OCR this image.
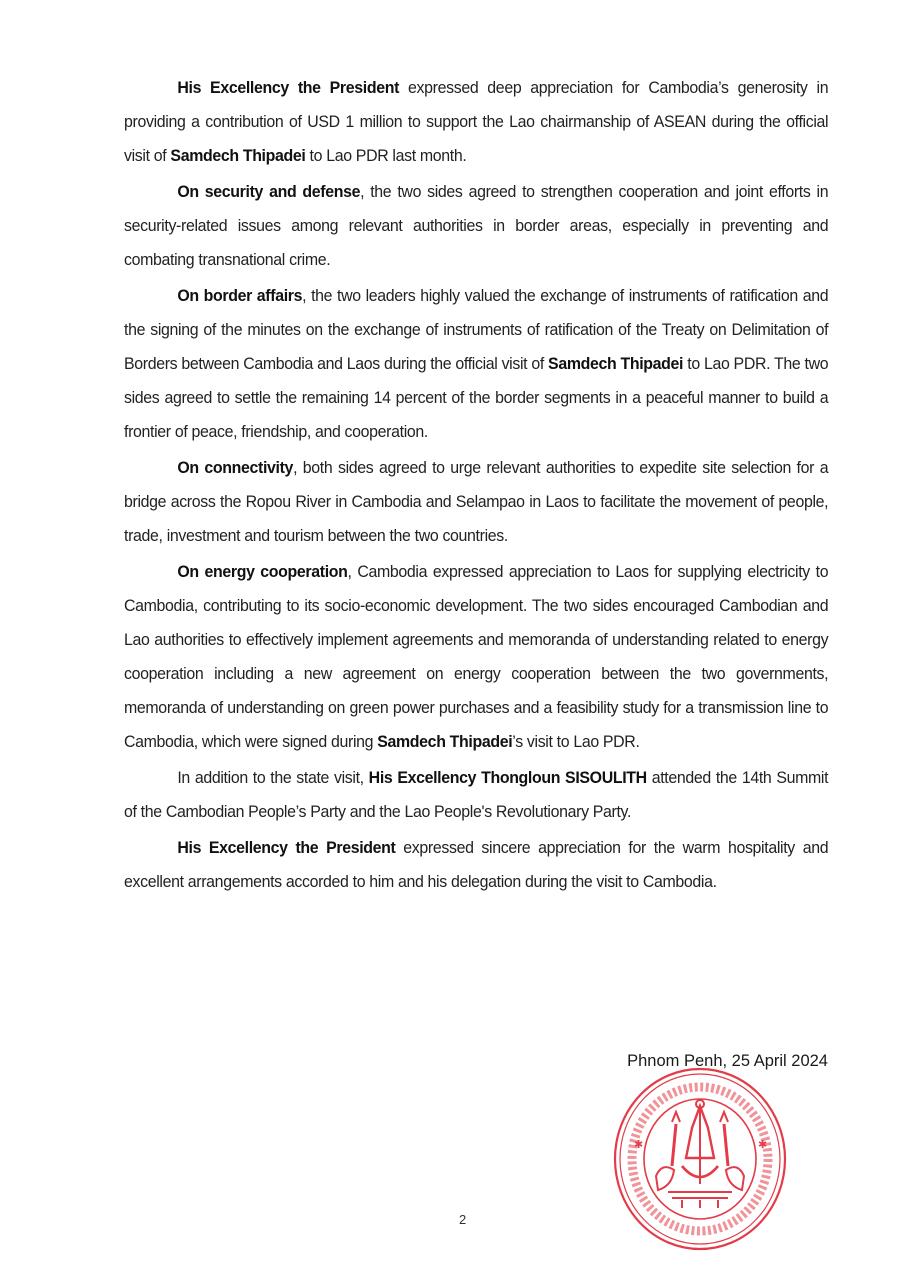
His Excellency the President expressed deep appreciation for Cambodia’s generosity in providing a contribution of USD 1 million to support the Lao chairmanship of ASEAN during the official visit of Samdech Thipadei to Lao PDR last month.

On security and defense, the two sides agreed to strengthen cooperation and joint efforts in security-related issues among relevant authorities in border areas, especially in preventing and combating transnational crime.

On border affairs, the two leaders highly valued the exchange of instruments of ratification and the signing of the minutes on the exchange of instruments of ratification of the Treaty on Delimitation of Borders between Cambodia and Laos during the official visit of Samdech Thipadei to Lao PDR. The two sides agreed to settle the remaining 14 percent of the border segments in a peaceful manner to build a frontier of peace, friendship, and cooperation.

On connectivity, both sides agreed to urge relevant authorities to expedite site selection for a bridge across the Ropou River in Cambodia and Selampao in Laos to facilitate the movement of people, trade, investment and tourism between the two countries.

On energy cooperation, Cambodia expressed appreciation to Laos for supplying electricity to Cambodia, contributing to its socio-economic development. The two sides encouraged Cambodian and Lao authorities to effectively implement agreements and memoranda of understanding related to energy cooperation including a new agreement on energy cooperation between the two governments, memoranda of understanding on green power purchases and a feasibility study for a transmission line to Cambodia, which were signed during Samdech Thipadei’s visit to Lao PDR.

In addition to the state visit, His Excellency Thongloun SISOULITH attended the 14th Summit of the Cambodian People’s Party and the Lao People's Revolutionary Party.

His Excellency the President expressed sincere appreciation for the warm hospitality and excellent arrangements accorded to him and his delegation during the visit to Cambodia.

Phnom Penh, 25 April 2024
✱	✱
2
